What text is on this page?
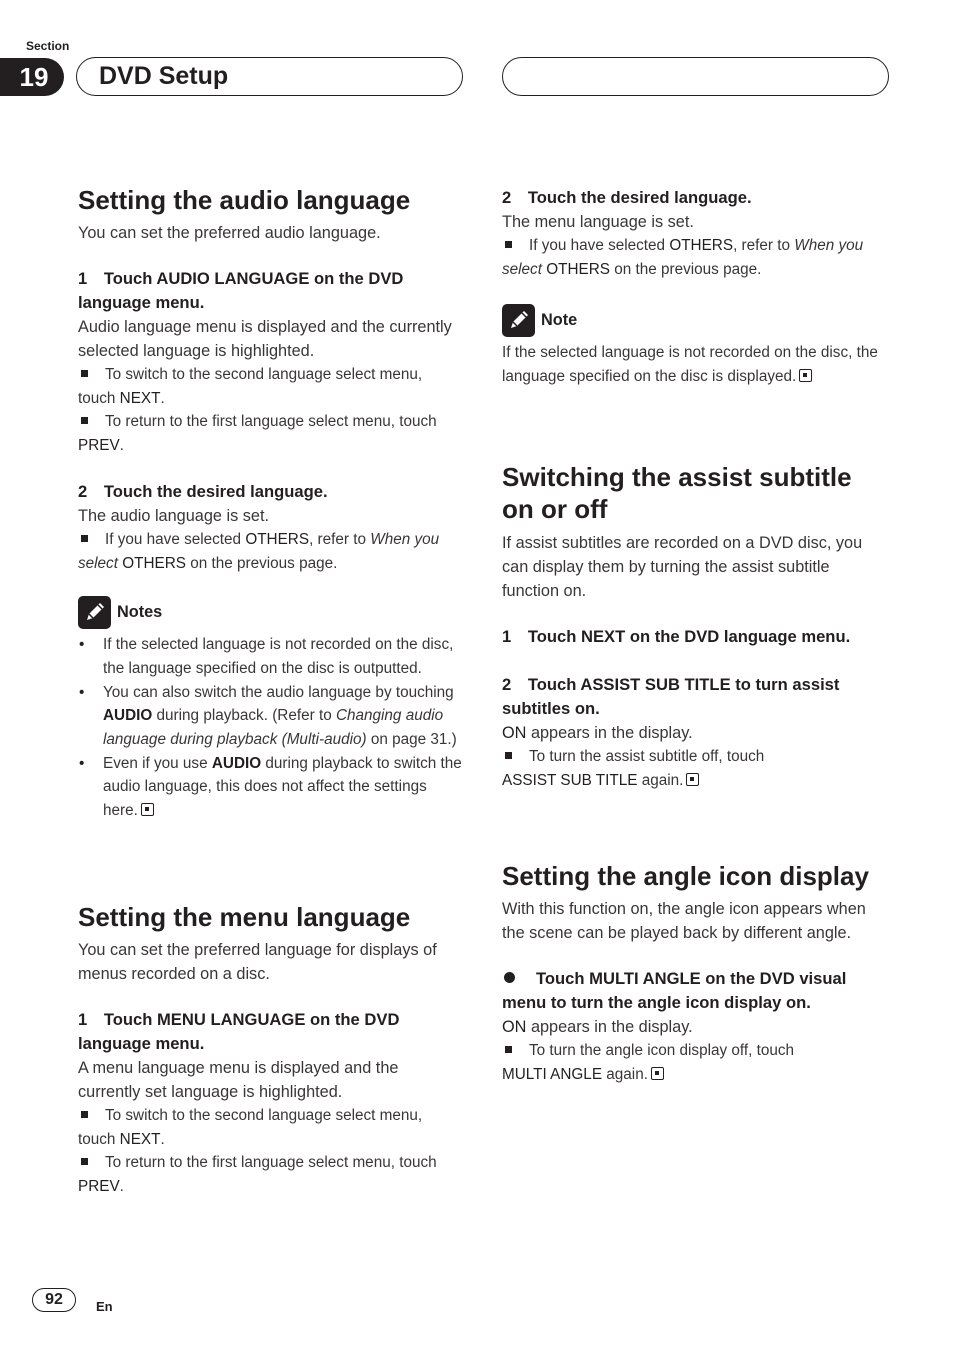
Section
19	DVD Setup
Setting the audio language

You can set the preferred audio language.

1 Touch AUDIO LANGUAGE on the DVD language menu.

Audio language menu is displayed and the currently selected language is highlighted.

To switch to the second language select menu, touch NEXT.

To return to the first language select menu, touch PREV.

2 Touch the desired language.

The audio language is set.

If you have selected OTHERS, refer to When you select OTHERS on the previous page.

Notes
• If the selected language is not recorded on the disc, the language specified on the disc is outputted.
• You can also switch the audio language by touching AUDIO during playback. (Refer to Changing audio language during playback (Multi-audio) on page 31.)
• Even if you use AUDIO during playback to switch the audio language, this does not affect the settings here.
Setting the menu language

You can set the preferred language for displays of menus recorded on a disc.

1 Touch MENU LANGUAGE on the DVD language menu.

A menu language menu is displayed and the currently set language is highlighted.

To switch to the second language select menu, touch NEXT.

To return to the first language select menu, touch PREV.

2 Touch the desired language.

The menu language is set.

If you have selected OTHERS, refer to When you select OTHERS on the previous page.

Note

If the selected language is not recorded on the disc, the language specified on the disc is displayed.

Switching the assist subtitle on or off

If assist subtitles are recorded on a DVD disc, you can display them by turning the assist subtitle function on.

1 Touch NEXT on the DVD language menu.

2 Touch ASSIST SUB TITLE to turn assist subtitles on.

ON appears in the display.

To turn the assist subtitle off, touch
ASSIST SUB TITLE again.

Setting the angle icon display

With this function on, the angle icon appears when the scene can be played back by different angle.

Touch MULTI ANGLE on the DVD visual menu to turn the angle icon display on.

ON appears in the display.

To turn the angle icon display off, touch
MULTI ANGLE again.

92	En
